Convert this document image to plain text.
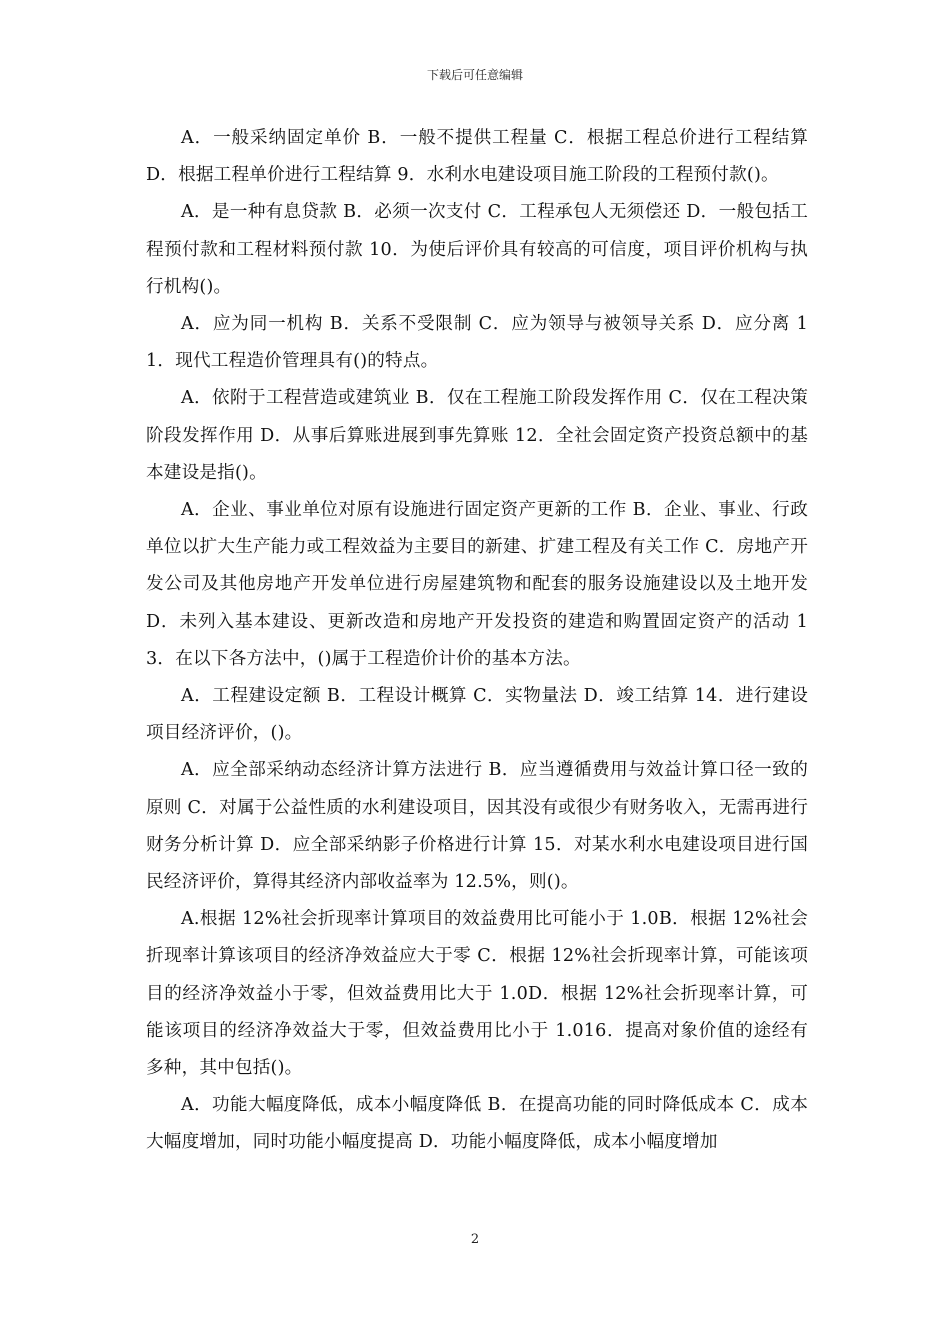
下载后可任意编辑

A．一般采纳固定单价 B．一般不提供工程量 C．根据工程总价进行工程结算 D．根据工程单价进行工程结算 9．水利水电建设项目施工阶段的工程预付款()。

A．是一种有息贷款 B．必须一次支付 C．工程承包人无须偿还 D．一般包括工程预付款和工程材料预付款 10．为使后评价具有较高的可信度，项目评价机构与执行机构()。

A．应为同一机构 B．关系不受限制 C．应为领导与被领导关系 D．应分离 11．现代工程造价管理具有()的特点。

A．依附于工程营造或建筑业 B．仅在工程施工阶段发挥作用 C．仅在工程决策阶段发挥作用 D．从事后算账进展到事先算账 12．全社会固定资产投资总额中的基本建设是指()。

A．企业、事业单位对原有设施进行固定资产更新的工作 B．企业、事业、行政单位以扩大生产能力或工程效益为主要目的新建、扩建工程及有关工作 C．房地产开发公司及其他房地产开发单位进行房屋建筑物和配套的服务设施建设以及土地开发 D．未列入基本建设、更新改造和房地产开发投资的建造和购置固定资产的活动 13．在以下各方法中，()属于工程造价计价的基本方法。

A．工程建设定额 B．工程设计概算 C．实物量法 D．竣工结算 14．进行建设项目经济评价，()。

A．应全部采纳动态经济计算方法进行 B．应当遵循费用与效益计算口径一致的原则 C．对属于公益性质的水利建设项目，因其没有或很少有财务收入，无需再进行财务分析计算 D．应全部采纳影子价格进行计算 15．对某水利水电建设项目进行国民经济评价，算得其经济内部收益率为 12.5%，则()。

A.根据 12%社会折现率计算项目的效益费用比可能小于 1.0B．根据 12%社会折现率计算该项目的经济净效益应大于零 C．根据 12%社会折现率计算，可能该项目的经济净效益小于零，但效益费用比大于 1.0D．根据 12%社会折现率计算，可能该项目的经济净效益大于零，但效益费用比小于 1.016．提高对象价值的途经有多种，其中包括()。

A．功能大幅度降低，成本小幅度降低 B．在提高功能的同时降低成本 C．成本大幅度增加，同时功能小幅度提高 D．功能小幅度降低，成本小幅度增加

2
